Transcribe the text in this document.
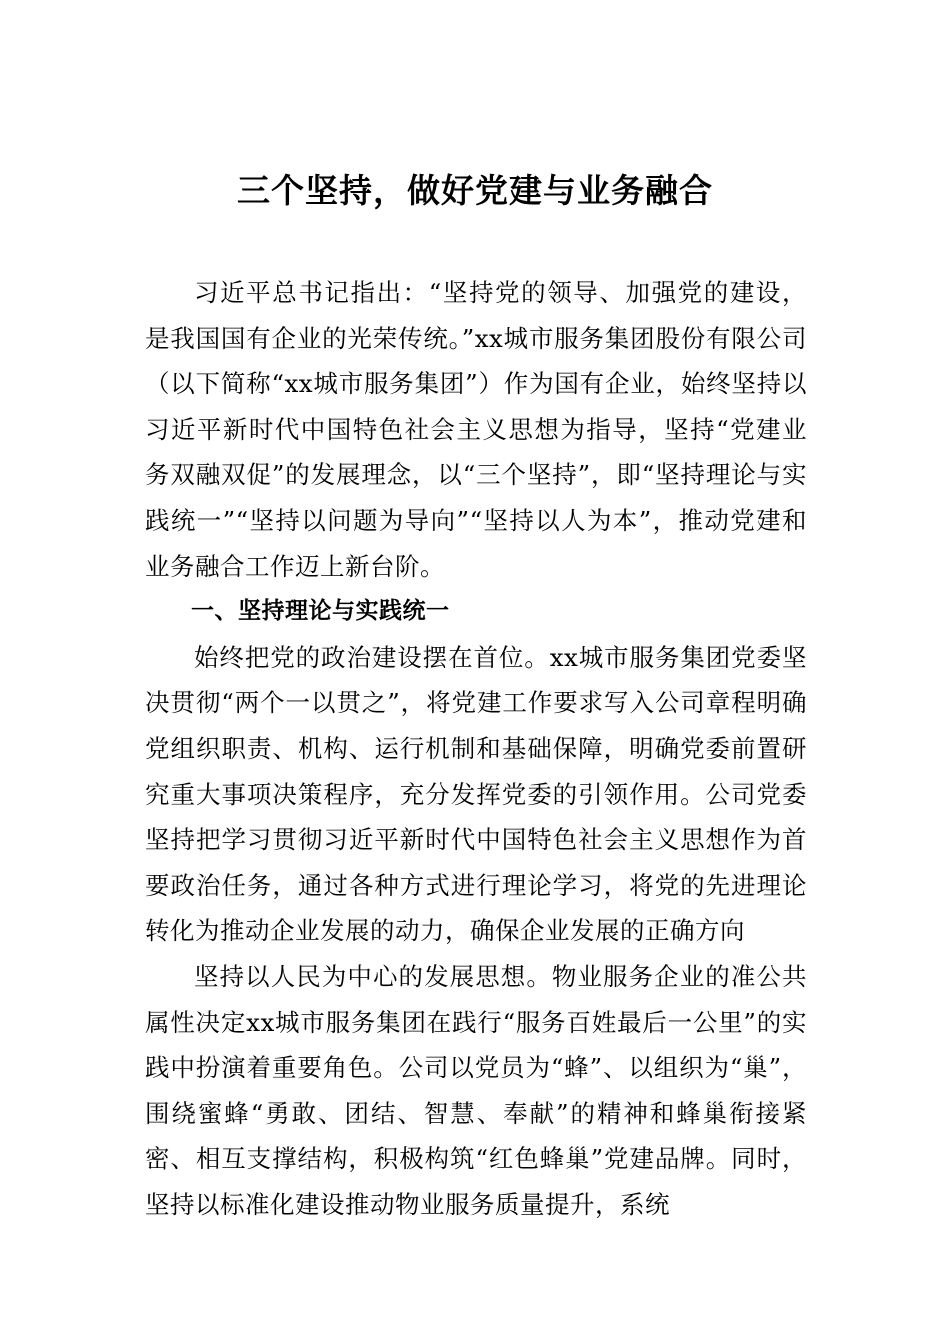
三个坚持，做好党建与业务融合

习近平总书记指出：“坚持党的领导、加强党的建设，是我国国有企业的光荣传统。”xx城市服务集团股份有限公司（以下简称“xx城市服务集团”）作为国有企业，始终坚持以习近平新时代中国特色社会主义思想为指导，坚持“党建业务双融双促”的发展理念，以“三个坚持”，即“坚持理论与实践统一”“坚持以问题为导向”“坚持以人为本”，推动党建和业务融合工作迈上新台阶。

一、坚持理论与实践统一

始终把党的政治建设摆在首位。xx城市服务集团党委坚决贯彻“两个一以贯之”，将党建工作要求写入公司章程明确党组织职责、机构、运行机制和基础保障，明确党委前置研究重大事项决策程序，充分发挥党委的引领作用。公司党委坚持把学习贯彻习近平新时代中国特色社会主义思想作为首要政治任务，通过各种方式进行理论学习，将党的先进理论转化为推动企业发展的动力，确保企业发展的正确方向

坚持以人民为中心的发展思想。物业服务企业的准公共属性决定xx城市服务集团在践行“服务百姓最后一公里”的实践中扮演着重要角色。公司以党员为“蜂”、以组织为“巢”，围绕蜜蜂“勇敢、团结、智慧、奉献”的精神和蜂巢衔接紧密、相互支撑结构，积极构筑“红色蜂巢”党建品牌。同时，坚持以标准化建设推动物业服务质量提升，系统
